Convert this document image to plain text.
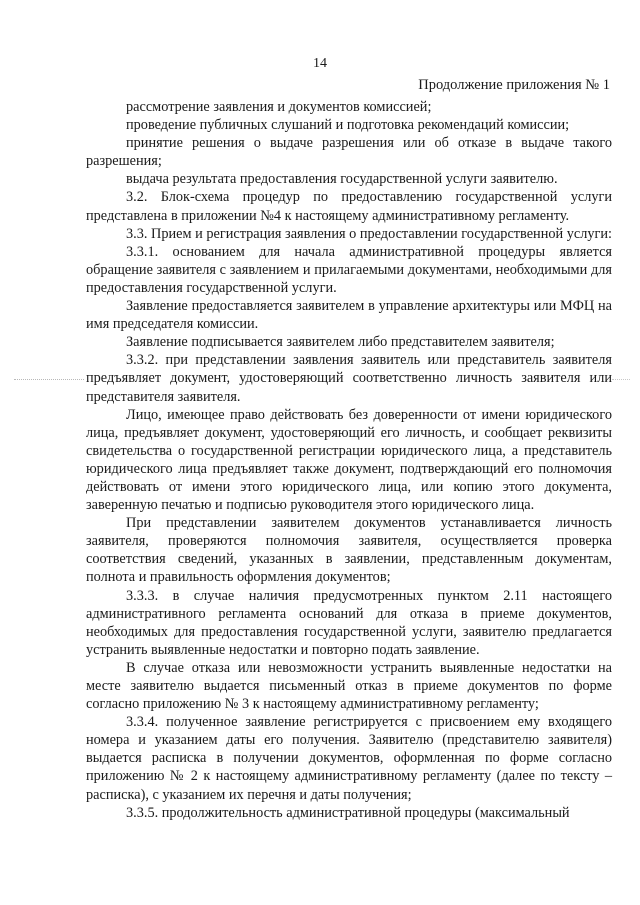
14
Продолжение приложения № 1

рассмотрение заявления и документов комиссией;

проведение публичных слушаний и подготовка рекомендаций комиссии;

принятие решения о выдаче разрешения или об отказе в выдаче такого разрешения;

выдача результата предоставления государственной услуги заявителю.

3.2. Блок-схема процедур по предоставлению государственной услуги представлена в приложении №4 к настоящему административному регламенту.

3.3. Прием и регистрация заявления о предоставлении государственной услуги:

3.3.1. основанием для начала административной процедуры является обращение заявителя с заявлением и прилагаемыми документами, необходимыми для предоставления государственной услуги.

Заявление предоставляется заявителем в управление архитектуры или МФЦ на имя председателя комиссии.

Заявление подписывается заявителем либо представителем заявителя;

3.3.2. при представлении заявления заявитель или представитель заявителя предъявляет документ, удостоверяющий соответственно личность заявителя или представителя заявителя.

Лицо, имеющее право действовать без доверенности от имени юридического лица, предъявляет документ, удостоверяющий его личность, и сообщает реквизиты свидетельства о государственной регистрации юридического лица, а представитель юридического лица предъявляет также документ, подтверждающий его полномочия действовать от имени этого юридического лица, или копию этого документа, заверенную печатью и подписью руководителя этого юридического лица.

При представлении заявителем документов устанавливается личность заявителя, проверяются полномочия заявителя, осуществляется проверка соответствия сведений, указанных в заявлении, представленным документам, полнота и правильность оформления документов;

3.3.3. в случае наличия предусмотренных пунктом 2.11 настоящего административного регламента оснований для отказа в приеме документов, необходимых для предоставления государственной услуги, заявителю предлагается устранить выявленные недостатки и повторно подать заявление.

В случае отказа или невозможности устранить выявленные недостатки на месте заявителю выдается письменный отказ в приеме документов по форме согласно приложению № 3 к настоящему административному регламенту;

3.3.4. полученное заявление регистрируется с присвоением ему входящего номера и указанием даты его получения. Заявителю (представителю заявителя) выдается расписка в получении документов, оформленная по форме согласно приложению № 2 к настоящему административному регламенту (далее по тексту – расписка), с указанием их перечня и даты получения;

3.3.5. продолжительность административной процедуры (максимальный
